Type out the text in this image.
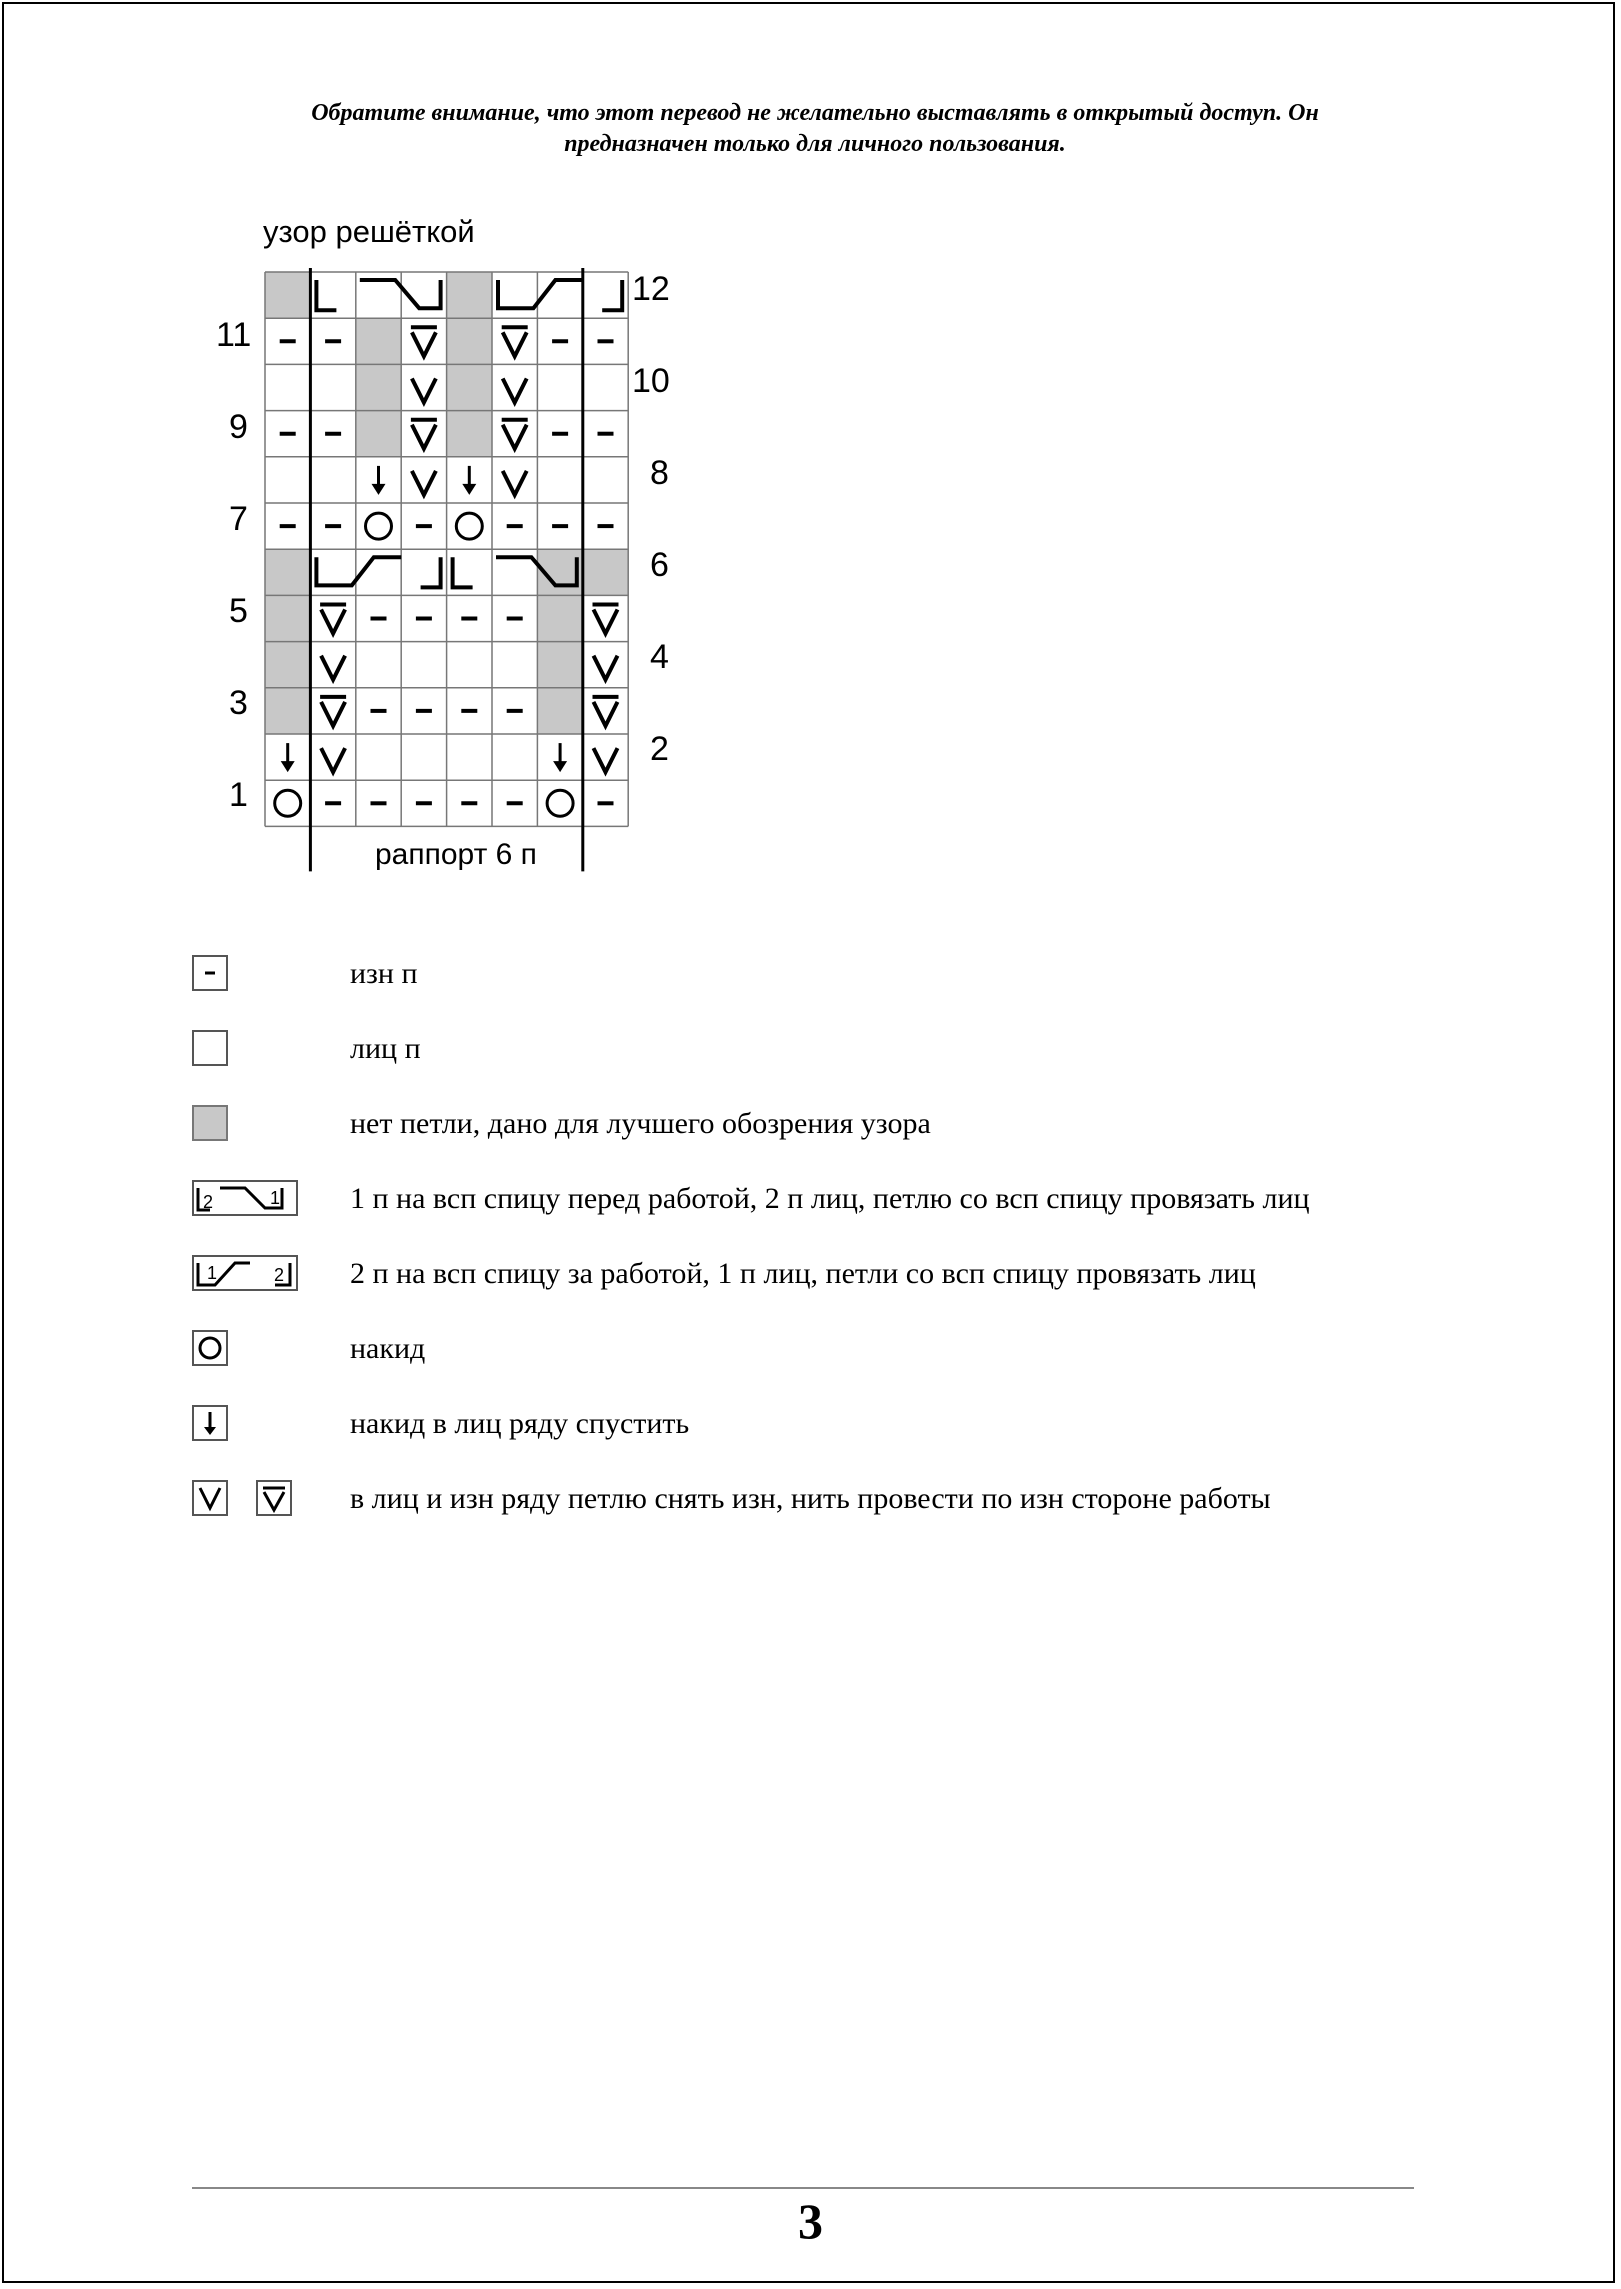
Обратите внимание, что этот перевод не желательно выставлять в открытый доступ. Он
предназначен только для личного пользования.
узор решёткой
11
9
7
5
3
1
12
10
8
6
4
2
раппорт 6 п
изн п
лиц п
нет петли, дано для лучшего обозрения узора
2	1 1 п на всп спицу перед работой, 2 п лиц, петлю со всп спицу провязать лиц
1	2 2 п на всп спицу за работой, 1 п лиц, петли со всп спицу провязать лиц
накид
накид в лиц ряду спустить
в лиц и изн ряду петлю снять изн, нить провести по изн стороне работы
3
